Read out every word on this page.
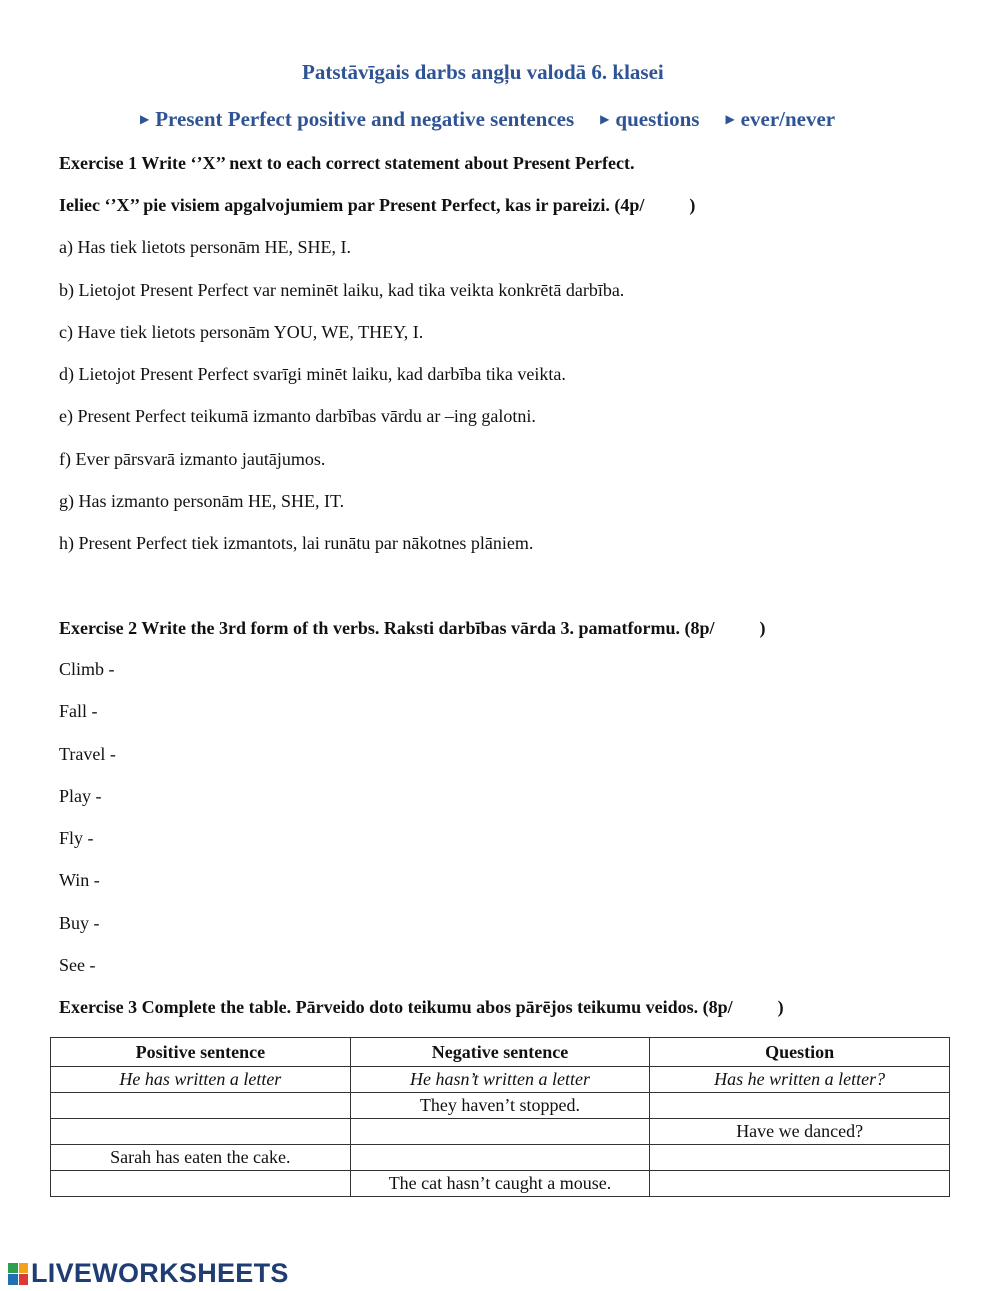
Patstāvīgais darbs angļu valodā 6. klasei
▶ Present Perfect positive and negative sentences ▶ questions ▶ ever/never
Exercise 1 Write ‘’X’’ next to each correct statement about Present Perfect.
Ieliec ‘’X’’ pie visiem apgalvojumiem par Present Perfect, kas ir pareizi. (4p/          )
a) Has tiek lietots personām HE, SHE, I.
b) Lietojot Present Perfect var neminēt laiku, kad tika veikta konkrētā darbība.
c) Have tiek lietots personām YOU, WE, THEY, I.
d) Lietojot Present Perfect svarīgi minēt laiku, kad darbība tika veikta.
e) Present Perfect teikumā izmanto darbības vārdu ar –ing galotni.
f) Ever pārsvarā izmanto jautājumos.
g) Has izmanto personām HE, SHE, IT.
h) Present Perfect tiek izmantots, lai runātu par nākotnes plāniem.
Exercise 2 Write the 3rd form of th verbs. Raksti darbības vārda 3. pamatformu. (8p/          )
Climb -
Fall -
Travel -
Play -
Fly -
Win -
Buy -
See -
Exercise 3 Complete the table. Pārveido doto teikumu abos pārējos teikumu veidos. (8p/          )
Positive sentence	Negative sentence	Question
He has written a letter	He hasn’t written a letter	Has he written a letter?
	They haven’t stopped.	
		Have we danced?
Sarah has eaten the cake.		
	The cat hasn’t caught a mouse.	
LIVEWORKSHEETS
